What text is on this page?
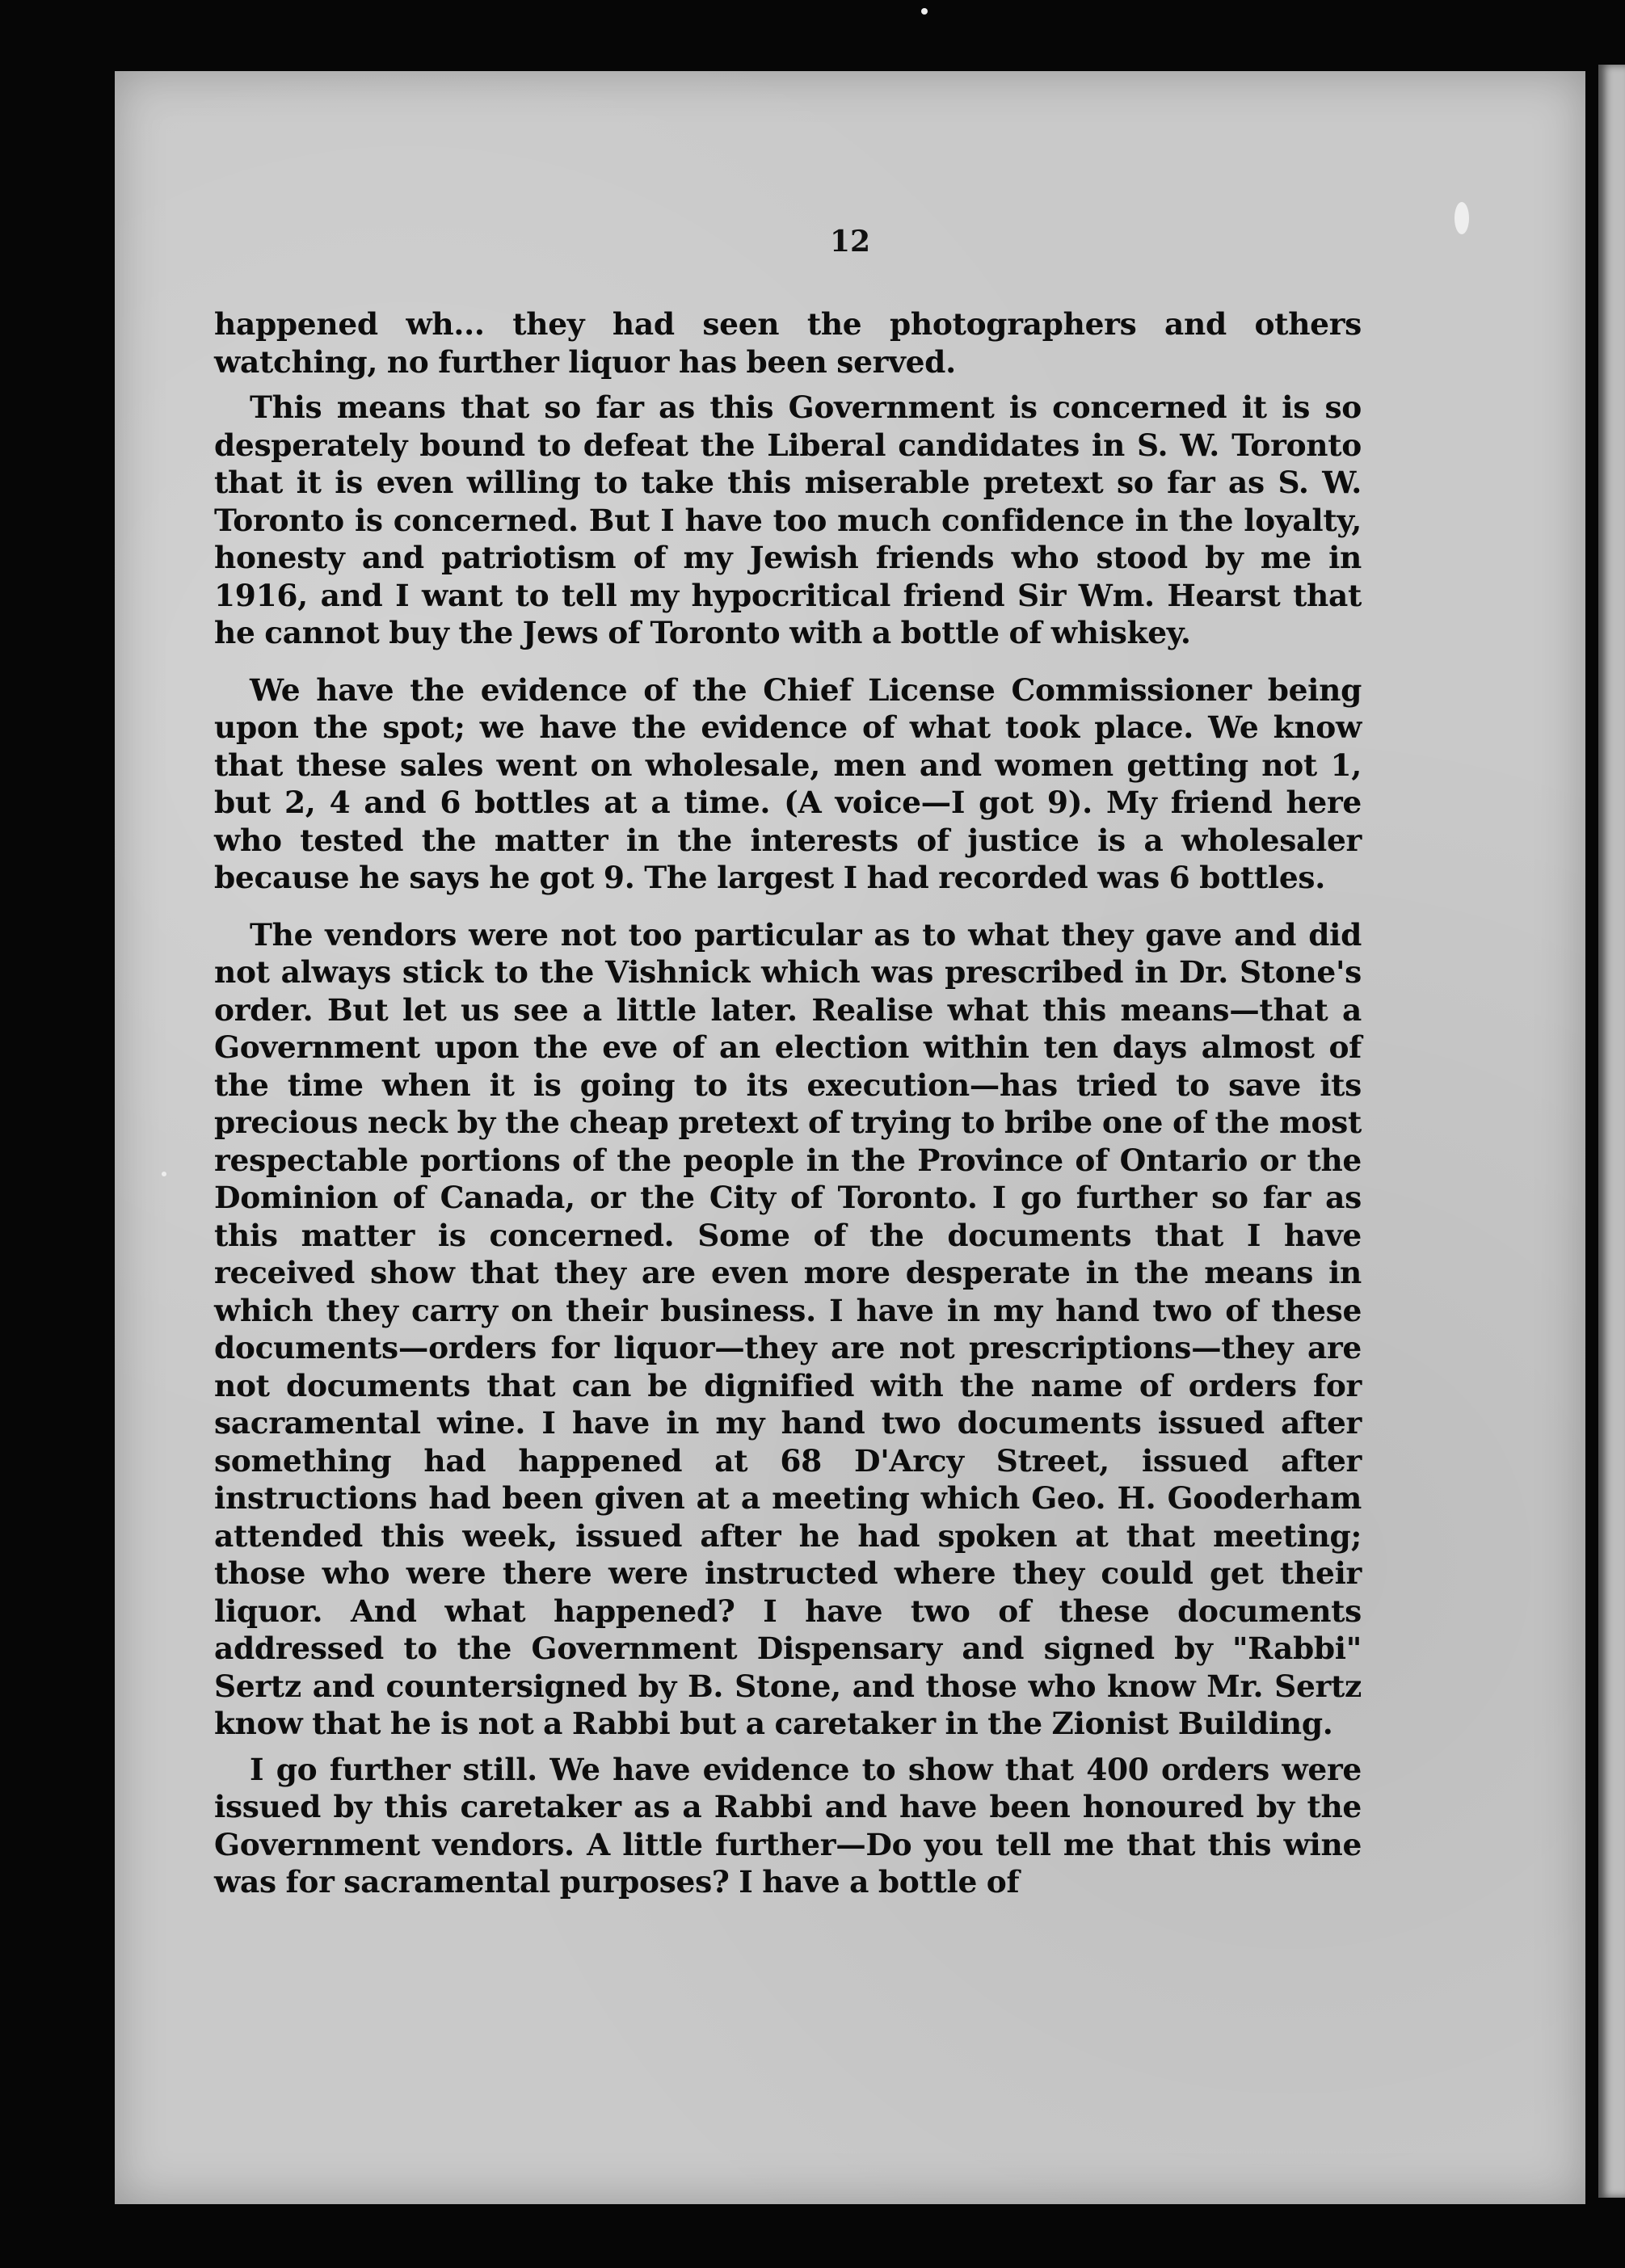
12

happened wh... they had seen the photographers and others watching, no further liquor has been served.

This means that so far as this Government is concerned it is so desperately bound to defeat the Liberal candidates in S. W. Toronto that it is even willing to take this miserable pretext so far as S. W. Toronto is concerned. But I have too much confidence in the loyalty, honesty and patriotism of my Jewish friends who stood by me in 1916, and I want to tell my hypocritical friend Sir Wm. Hearst that he cannot buy the Jews of Toronto with a bottle of whiskey.

We have the evidence of the Chief License Commissioner being upon the spot; we have the evidence of what took place. We know that these sales went on wholesale, men and women getting not 1, but 2, 4 and 6 bottles at a time. (A voice—I got 9). My friend here who tested the matter in the interests of justice is a wholesaler because he says he got 9. The largest I had recorded was 6 bottles.

The vendors were not too particular as to what they gave and did not always stick to the Vishnick which was prescribed in Dr. Stone's order. But let us see a little later. Realise what this means—that a Government upon the eve of an election within ten days almost of the time when it is going to its execution—has tried to save its precious neck by the cheap pretext of trying to bribe one of the most respectable portions of the people in the Province of Ontario or the Dominion of Canada, or the City of Toronto. I go further so far as this matter is concerned. Some of the documents that I have received show that they are even more desperate in the means in which they carry on their business. I have in my hand two of these documents—orders for liquor—they are not prescriptions—they are not documents that can be dignified with the name of orders for sacramental wine. I have in my hand two documents issued after something had happened at 68 D'Arcy Street, issued after instructions had been given at a meeting which Geo. H. Gooderham attended this week, issued after he had spoken at that meeting; those who were there were instructed where they could get their liquor. And what happened? I have two of these documents addressed to the Government Dispensary and signed by "Rabbi" Sertz and countersigned by B. Stone, and those who know Mr. Sertz know that he is not a Rabbi but a caretaker in the Zionist Building.

I go further still. We have evidence to show that 400 orders were issued by this caretaker as a Rabbi and have been honoured by the Government vendors. A little further—Do you tell me that this wine was for sacramental purposes? I have a bottle of
